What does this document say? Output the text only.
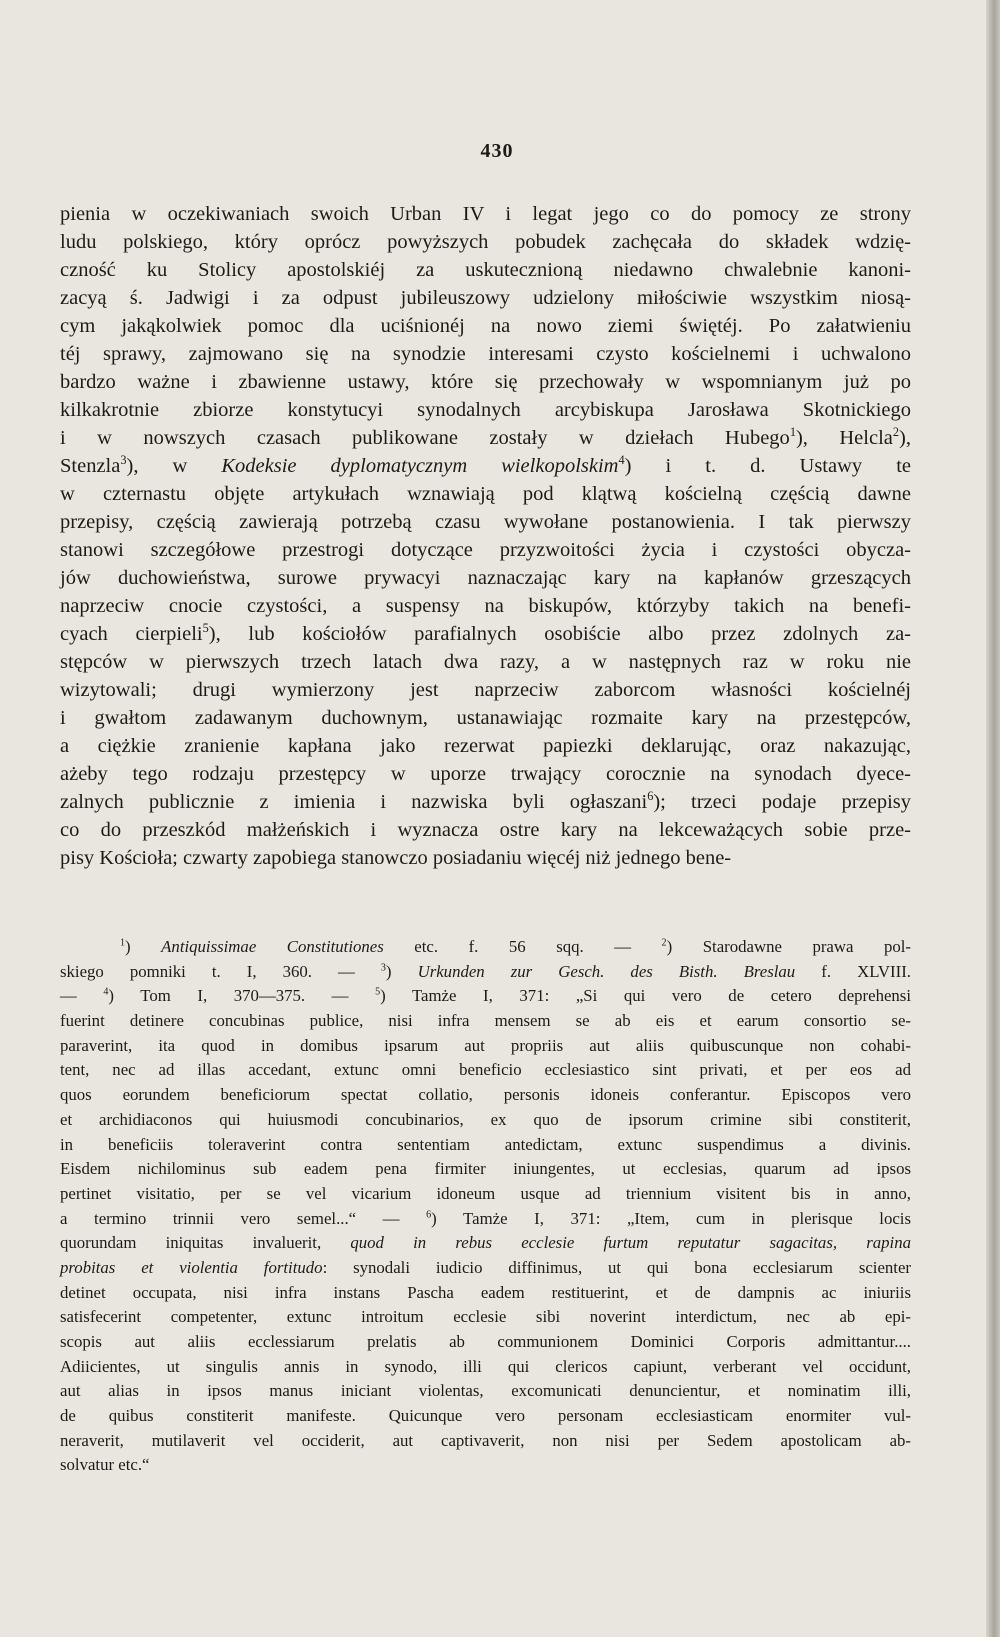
430
pienia w oczekiwaniach swoich Urban IV i legat jego co do pomocy ze strony
ludu polskiego, który oprócz powyższych pobudek zachęcała do składek wdzię-
czność ku Stolicy apostolskiéj za uskutecznioną niedawno chwalebnie kanoni-
zacyą ś. Jadwigi i za odpust jubileuszowy udzielony miłościwie wszystkim niosą-
cym jakąkolwiek pomoc dla uciśnionéj na nowo ziemi świętéj. Po załatwieniu
téj sprawy, zajmowano się na synodzie interesami czysto kościelnemi i uchwalono
bardzo ważne i zbawienne ustawy, które się przechowały w wspomnianym już po
kilkakrotnie zbiorze konstytucyi synodalnych arcybiskupa Jarosława Skotnickiego
i w nowszych czasach publikowane zostały w dziełach Hubego$^1$), Helcla$^2$),
Stenzla$^3$), w Kodeksie dyplomatycznym wielkopolskim$^4$) i t. d. Ustawy te
w czternastu objęte artykułach wznawiają pod klątwą kościelną częścią dawne
przepisy, częścią zawierają potrzebą czasu wywołane postanowienia. I tak pierwszy
stanowi szczegółowe przestrogi dotyczące przyzwoitości życia i czystości obycza-
jów duchowieństwa, surowe prywacyi naznaczając kary na kapłanów grzeszących
naprzeciw cnocie czystości, a suspensy na biskupów, którzyby takich na benefi-
cyach cierpieli$^5$), lub kościołów parafialnych osobiście albo przez zdolnych za-
stępców w pierwszych trzech latach dwa razy, a w następnych raz w roku nie
wizytowali; drugi wymierzony jest naprzeciw zaborcom własności kościelnéj
i gwałtom zadawanym duchownym, ustanawiając rozmaite kary na przestępców,
a ciężkie zranienie kapłana jako rezerwat papiezki deklarując, oraz nakazując,
ażeby tego rodzaju przestępcy w uporze trwający corocznie na synodach dyece-
zalnych publicznie z imienia i nazwiska byli ogłaszani$^6$); trzeci podaje przepisy
co do przeszkód małżeńskich i wyznacza ostre kary na lekceważących sobie prze-
pisy Kościoła; czwarty zapobiega stanowczo posiadaniu więcéj niż jednego bene-
$^1$) Antiquissimae Constitutiones etc. f. 56 sqq. — $^2$) Starodawne prawa pol-
skiego pomniki t. I, 360. — $^3$) Urkunden zur Gesch. des Bisth. Breslau f. XLVIII.
— $^4$) Tom I, 370—375. — $^5$) Tamże I, 371: „Si qui vero de cetero deprehensi
fuerint detinere concubinas publice, nisi infra mensem se ab eis et earum consortio se-
paraverint, ita quod in domibus ipsarum aut propriis aut aliis quibuscunque non cohabi-
tent, nec ad illas accedant, extunc omni beneficio ecclesiastico sint privati, et per eos ad
quos eorundem beneficiorum spectat collatio, personis idoneis conferantur. Episcopos vero
et archidiaconos qui huiusmodi concubinarios, ex quo de ipsorum crimine sibi constiterit,
in beneficiis toleraverint contra sententiam antedictam, extunc suspendimus a divinis.
Eisdem nichilominus sub eadem pena firmiter iniungentes, ut ecclesias, quarum ad ipsos
pertinet visitatio, per se vel vicarium idoneum usque ad triennium visitent bis in anno,
a termino trinnii vero semel...“ — $^6$) Tamże I, 371: „Item, cum in plerisque locis
quorundam iniquitas invaluerit, quod in rebus ecclesie furtum reputatur sagacitas, rapina
probitas et violentia fortitudo: synodali iudicio diffinimus, ut qui bona ecclesiarum scienter
detinet occupata, nisi infra instans Pascha eadem restituerint, et de dampnis ac iniuriis
satisfecerint competenter, extunc introitum ecclesie sibi noverint interdictum, nec ab epi-
scopis aut aliis ecclessiarum prelatis ab communionem Dominici Corporis admittantur....
Adiicientes, ut singulis annis in synodo, illi qui clericos capiunt, verberant vel occidunt,
aut alias in ipsos manus iniciant violentas, excomunicati denuncientur, et nominatim illi,
de quibus constiterit manifeste. Quicunque vero personam ecclesiasticam enormiter vul-
neraverit, mutilaverit vel occiderit, aut captivaverit, non nisi per Sedem apostolicam ab-
solvatur etc.“
